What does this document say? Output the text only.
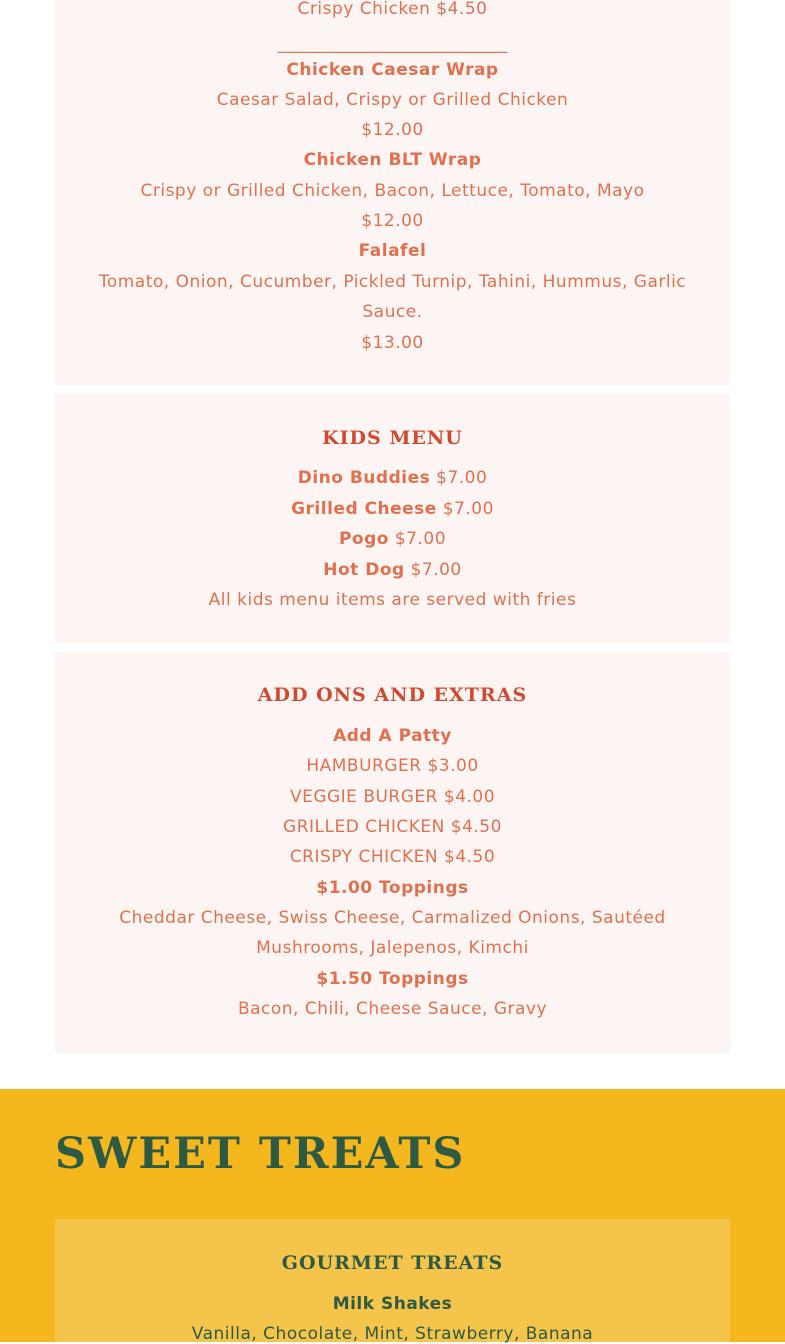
Crispy Chicken $4.50
___________________________
Chicken Caesar Wrap
Caesar Salad, Crispy or Grilled Chicken
$12.00
Chicken BLT Wrap
Crispy or Grilled Chicken, Bacon, Lettuce, Tomato, Mayo
$12.00
Falafel
Tomato, Onion, Cucumber, Pickled Turnip, Tahini, Hummus, Garlic
Sauce.
$13.00
KIDS MENU
Dino Buddies $7.00
Grilled Cheese $7.00
Pogo $7.00
Hot Dog $7.00
All kids menu items are served with fries
ADD ONS AND EXTRAS
Add A Patty
HAMBURGER $3.00
VEGGIE BURGER $4.00
GRILLED CHICKEN $4.50
CRISPY CHICKEN $4.50
$1.00 Toppings
Cheddar Cheese, Swiss Cheese, Carmalized Onions, Sautéed
Mushrooms, Jalepenos, Kimchi
$1.50 Toppings
Bacon, Chili, Cheese Sauce, Gravy
SWEET TREATS
GOURMET TREATS
Milk Shakes
Vanilla, Chocolate, Mint, Strawberry, Banana
